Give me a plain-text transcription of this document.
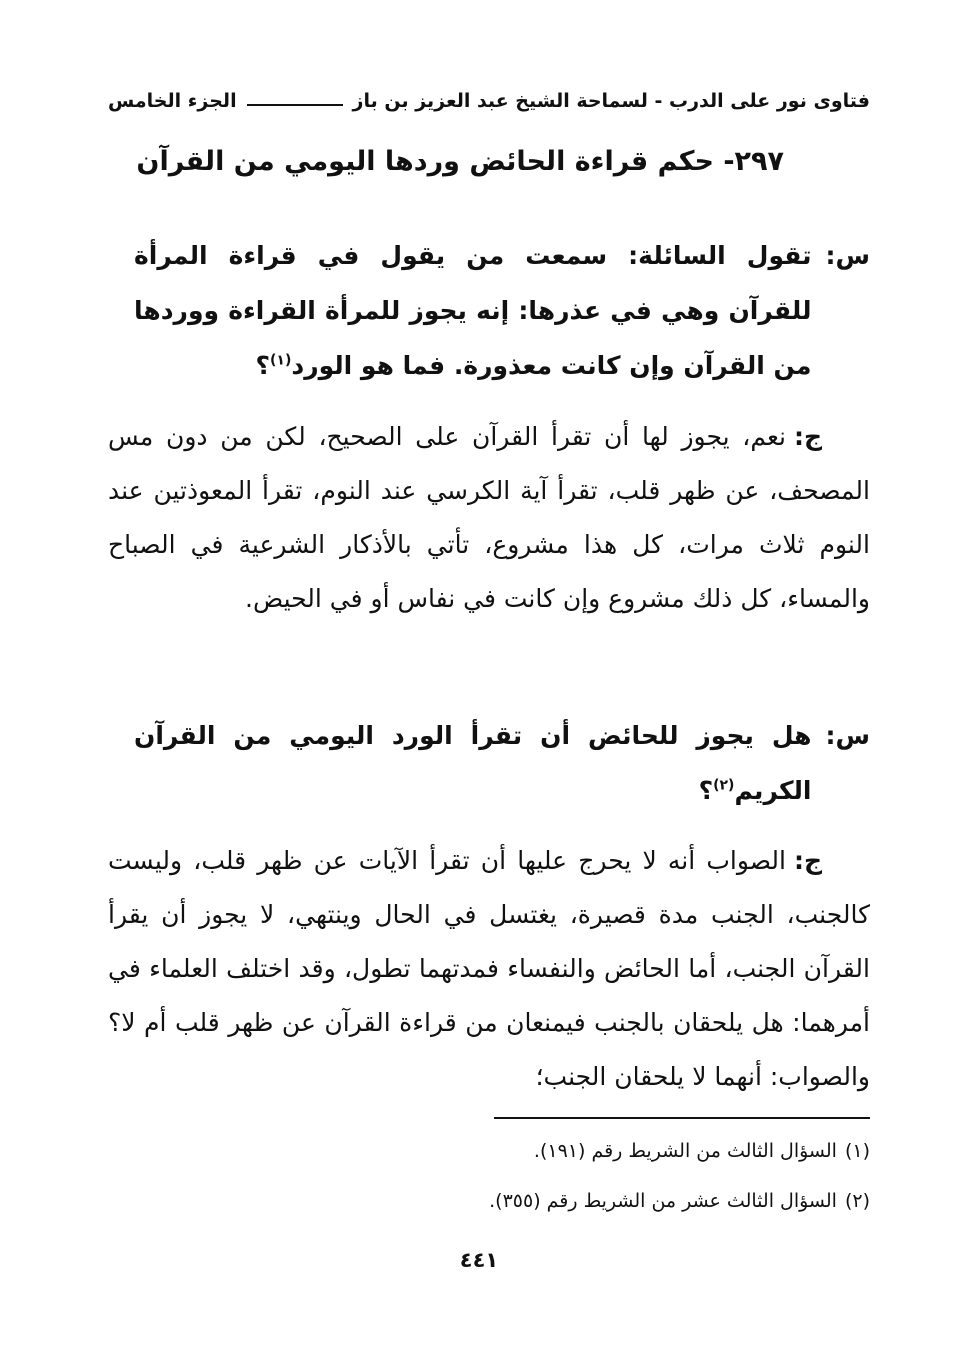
فتاوى نور على الدرب - لسماحة الشيخ عبد العزيز بن باز
الجزء الخامس
٢٩٧- حكم قراءة الحائض وردها اليومي من القرآن
س:
تقول السائلة: سمعت من يقول في قراءة المرأة للقرآن وهي في عذرها: إنه يجوز للمرأة القراءة ووردها من القرآن وإن كانت معذورة. فما هو الورد$^{(١)}$؟
ج:نعم، يجوز لها أن تقرأ القرآن على الصحيح، لكن من دون مس المصحف، عن ظهر قلب، تقرأ آية الكرسي عند النوم، تقرأ المعوذتين عند النوم ثلاث مرات، كل هذا مشروع، تأتي بالأذكار الشرعية في الصباح والمساء، كل ذلك مشروع وإن كانت في نفاس أو في الحيض.
س:
هل يجوز للحائض أن تقرأ الورد اليومي من القرآن الكريم$^{(٢)}$؟
ج:الصواب أنه لا يحرج عليها أن تقرأ الآيات عن ظهر قلب، وليست كالجنب، الجنب مدة قصيرة، يغتسل في الحال وينتهي، لا يجوز أن يقرأ القرآن الجنب، أما الحائض والنفساء فمدتهما تطول، وقد اختلف العلماء في أمرهما: هل يلحقان بالجنب فيمنعان من قراءة القرآن عن ظهر قلب أم لا؟ والصواب: أنهما لا يلحقان الجنب؛
(١)السؤال الثالث من الشريط رقم (١٩١).
(٢)السؤال الثالث عشر من الشريط رقم (٣٥٥).
٤٤١
